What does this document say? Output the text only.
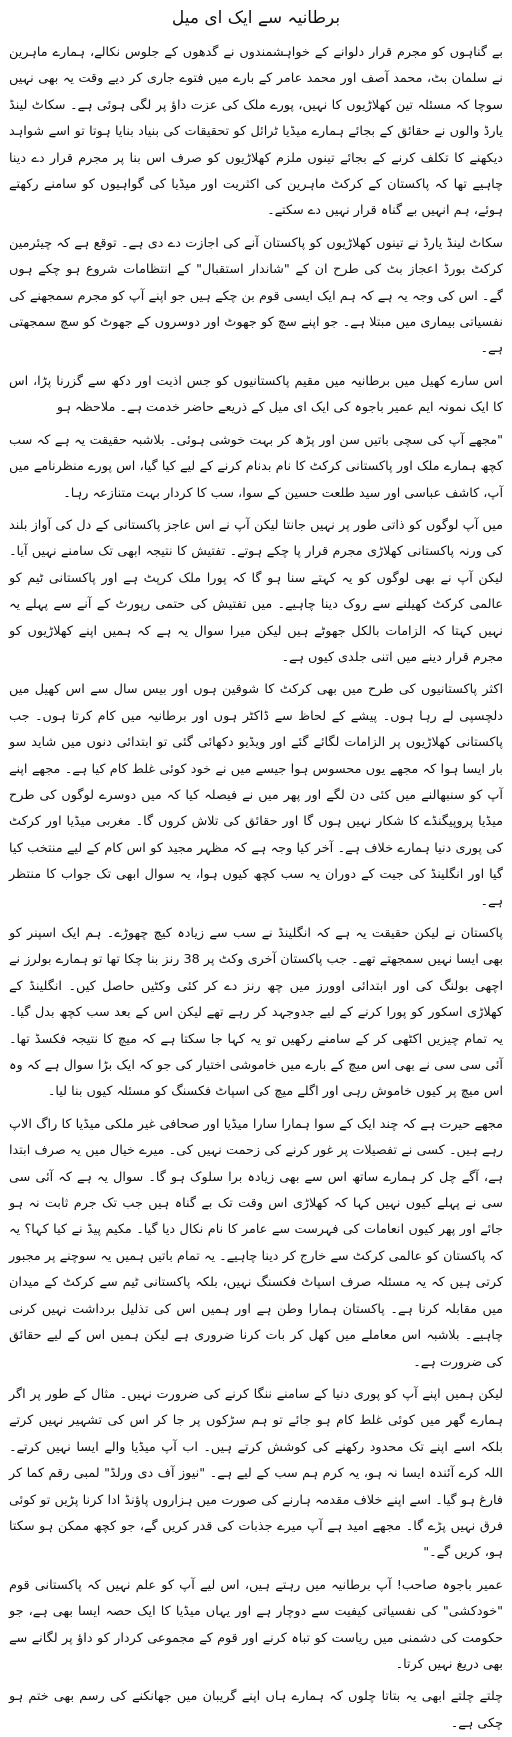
برطانیہ سے ایک ای میل

بے گناہوں کو مجرم قرار دلوانے کے خواہشمندوں نے گدھوں کے جلوس نکالے، ہمارے ماہرین نے سلمان بٹ، محمد آصف اور محمد عامر کے بارے میں فتوے جاری کر دیے وقت یہ بھی نہیں سوچا کہ مسئلہ تین کھلاڑیوں کا نہیں، پورے ملک کی عزت داؤ پر لگی ہوئی ہے۔ سکاٹ لینڈ یارڈ والوں نے حقائق کے بجائے ہمارے میڈیا ٹرائل کو تحقیقات کی بنیاد بنایا ہوتا تو اسے شواہد دیکھنے کا تکلف کرنے کے بجائے تینوں ملزم کھلاڑیوں کو صرف اس بنا پر مجرم قرار دے دینا چاہیے تھا کہ پاکستان کے کرکٹ ماہرین کی اکثریت اور میڈیا کی گواہیوں کو سامنے رکھتے ہوئے، ہم انہیں بے گناہ قرار نہیں دے سکتے۔

سکاٹ لینڈ یارڈ نے تینوں کھلاڑیوں کو پاکستان آنے کی اجازت دے دی ہے۔ توقع ہے کہ چیئرمین کرکٹ بورڈ اعجاز بٹ کی طرح ان کے "شاندار استقبال" کے انتظامات شروع ہو چکے ہوں گے۔ اس کی وجہ یہ ہے کہ ہم ایک ایسی قوم بن چکے ہیں جو اپنے آپ کو مجرم سمجھنے کی نفسیاتی بیماری میں مبتلا ہے۔ جو اپنے سچ کو جھوٹ اور دوسروں کے جھوٹ کو سچ سمجھتی ہے۔

اس سارے کھیل میں برطانیہ میں مقیم پاکستانیوں کو جس اذیت اور دکھ سے گزرنا پڑا، اس کا ایک نمونہ ایم عمیر باجوہ کی ایک ای میل کے ذریعے حاضر خدمت ہے۔ ملاحظہ ہو

"مجھے آپ کی سچی باتیں سن اور پڑھ کر بہت خوشی ہوئی۔ بلاشبہ حقیقت یہ ہے کہ سب کچھ ہمارے ملک اور پاکستانی کرکٹ کا نام بدنام کرنے کے لیے کیا گیا، اس پورے منظرنامے میں آپ، کاشف عباسی اور سید طلعت حسین کے سوا، سب کا کردار بہت متنازعہ رہا۔

میں آپ لوگوں کو ذاتی طور پر نہیں جانتا لیکن آپ نے اس عاجز پاکستانی کے دل کی آواز بلند کی ورنہ پاکستانی کھلاڑی مجرم قرار پا چکے ہوتے۔ تفتیش کا نتیجہ ابھی تک سامنے نہیں آیا۔ لیکن آپ نے بھی لوگوں کو یہ کہتے سنا ہو گا کہ پورا ملک کرپٹ ہے اور پاکستانی ٹیم کو عالمی کرکٹ کھیلنے سے روک دینا چاہیے۔ میں تفتیش کی حتمی رپورٹ کے آنے سے پہلے یہ نہیں کہتا کہ الزامات بالکل جھوٹے ہیں لیکن میرا سوال یہ ہے کہ ہمیں اپنے کھلاڑیوں کو مجرم قرار دینے میں اتنی جلدی کیوں ہے۔

اکثر پاکستانیوں کی طرح میں بھی کرکٹ کا شوقین ہوں اور بیس سال سے اس کھیل میں دلچسپی لے رہا ہوں۔ پیشے کے لحاظ سے ڈاکٹر ہوں اور برطانیہ میں کام کرتا ہوں۔ جب پاکستانی کھلاڑیوں پر الزامات لگائے گئے اور ویڈیو دکھائی گئی تو ابتدائی دنوں میں شاید سو بار ایسا ہوا کہ مجھے یوں محسوس ہوا جیسے میں نے خود کوئی غلط کام کیا ہے۔ مجھے اپنے آپ کو سنبھالنے میں کئی دن لگے اور پھر میں نے فیصلہ کیا کہ میں دوسرے لوگوں کی طرح میڈیا پروپیگنڈے کا شکار نہیں ہوں گا اور حقائق کی تلاش کروں گا۔ مغربی میڈیا اور کرکٹ کی پوری دنیا ہمارے خلاف ہے۔ آخر کیا وجہ ہے کہ مظہر مجید کو اس کام کے لیے منتخب کیا گیا اور انگلینڈ کی جیت کے دوران یہ سب کچھ کیوں ہوا، یہ سوال ابھی تک جواب کا منتظر ہے۔

پاکستان نے لیکن حقیقت یہ ہے کہ انگلینڈ نے سب سے زیادہ کیچ چھوڑے۔ ہم ایک اسپنر کو بھی ایسا نہیں سمجھتے تھے۔ جب پاکستان آخری وکٹ پر 38 رنز بنا چکا تھا تو ہمارے بولرز نے اچھی بولنگ کی اور ابتدائی اوورز میں چھ رنز دے کر کئی وکٹیں حاصل کیں۔ انگلینڈ کے کھلاڑی اسکور کو پورا کرنے کے لیے جدوجہد کر رہے تھے لیکن اس کے بعد سب کچھ بدل گیا۔ یہ تمام چیزیں اکٹھی کر کے سامنے رکھیں تو یہ کہا جا سکتا ہے کہ میچ کا نتیجہ فکسڈ تھا۔ آئی سی سی نے بھی اس میچ کے بارے میں خاموشی اختیار کی جو کہ ایک بڑا سوال ہے کہ وہ اس میچ پر کیوں خاموش رہی اور اگلے میچ کی اسپاٹ فکسنگ کو مسئلہ کیوں بنا لیا۔

مجھے حیرت ہے کہ چند ایک کے سوا ہمارا سارا میڈیا اور صحافی غیر ملکی میڈیا کا راگ الاپ رہے ہیں۔ کسی نے تفصیلات پر غور کرنے کی زحمت نہیں کی۔ میرے خیال میں یہ صرف ابتدا ہے، آگے چل کر ہمارے ساتھ اس سے بھی زیادہ برا سلوک ہو گا۔ سوال یہ ہے کہ آئی سی سی نے پہلے کیوں نہیں کہا کہ کھلاڑی اس وقت تک بے گناہ ہیں جب تک جرم ثابت نہ ہو جائے اور پھر کیوں انعامات کی فہرست سے عامر کا نام نکال دیا گیا۔ مکیم پیڈ نے کیا کہا؟ یہ کہ پاکستان کو عالمی کرکٹ سے خارج کر دینا چاہیے۔ یہ تمام باتیں ہمیں یہ سوچنے پر مجبور کرتی ہیں کہ یہ مسئلہ صرف اسپاٹ فکسنگ نہیں، بلکہ پاکستانی ٹیم سے کرکٹ کے میدان میں مقابلہ کرنا ہے۔ پاکستان ہمارا وطن ہے اور ہمیں اس کی تذلیل برداشت نہیں کرنی چاہیے۔ بلاشبہ اس معاملے میں کھل کر بات کرنا ضروری ہے لیکن ہمیں اس کے لیے حقائق کی ضرورت ہے۔

لیکن ہمیں اپنے آپ کو پوری دنیا کے سامنے ننگا کرنے کی ضرورت نہیں۔ مثال کے طور پر اگر ہمارے گھر میں کوئی غلط کام ہو جائے تو ہم سڑکوں پر جا کر اس کی تشہیر نہیں کرتے بلکہ اسے اپنے تک محدود رکھنے کی کوشش کرتے ہیں۔ اب آپ میڈیا والے ایسا نہیں کرتے۔ اللہ کرے آئندہ ایسا نہ ہو، یہ کرم ہم سب کے لیے ہے۔ "نیوز آف دی ورلڈ" لمبی رقم کما کر فارغ ہو گیا۔ اسے اپنے خلاف مقدمہ ہارنے کی صورت میں ہزاروں پاؤنڈ ادا کرنا پڑیں تو کوئی فرق نہیں پڑے گا۔ مجھے امید ہے آپ میرے جذبات کی قدر کریں گے، جو کچھ ممکن ہو سکتا ہو، کریں گے۔"

عمیر باجوہ صاحب! آپ برطانیہ میں رہتے ہیں، اس لیے آپ کو علم نہیں کہ پاکستانی قوم "خودکشی" کی نفسیاتی کیفیت سے دوچار ہے اور یہاں میڈیا کا ایک حصہ ایسا بھی ہے، جو حکومت کی دشمنی میں ریاست کو تباہ کرنے اور قوم کے مجموعی کردار کو داؤ پر لگانے سے بھی دریغ نہیں کرتا۔

چلتے چلتے ابھی یہ بتاتا چلوں کہ ہمارے ہاں اپنے گریبان میں جھانکنے کی رسم بھی ختم ہو چکی ہے۔
